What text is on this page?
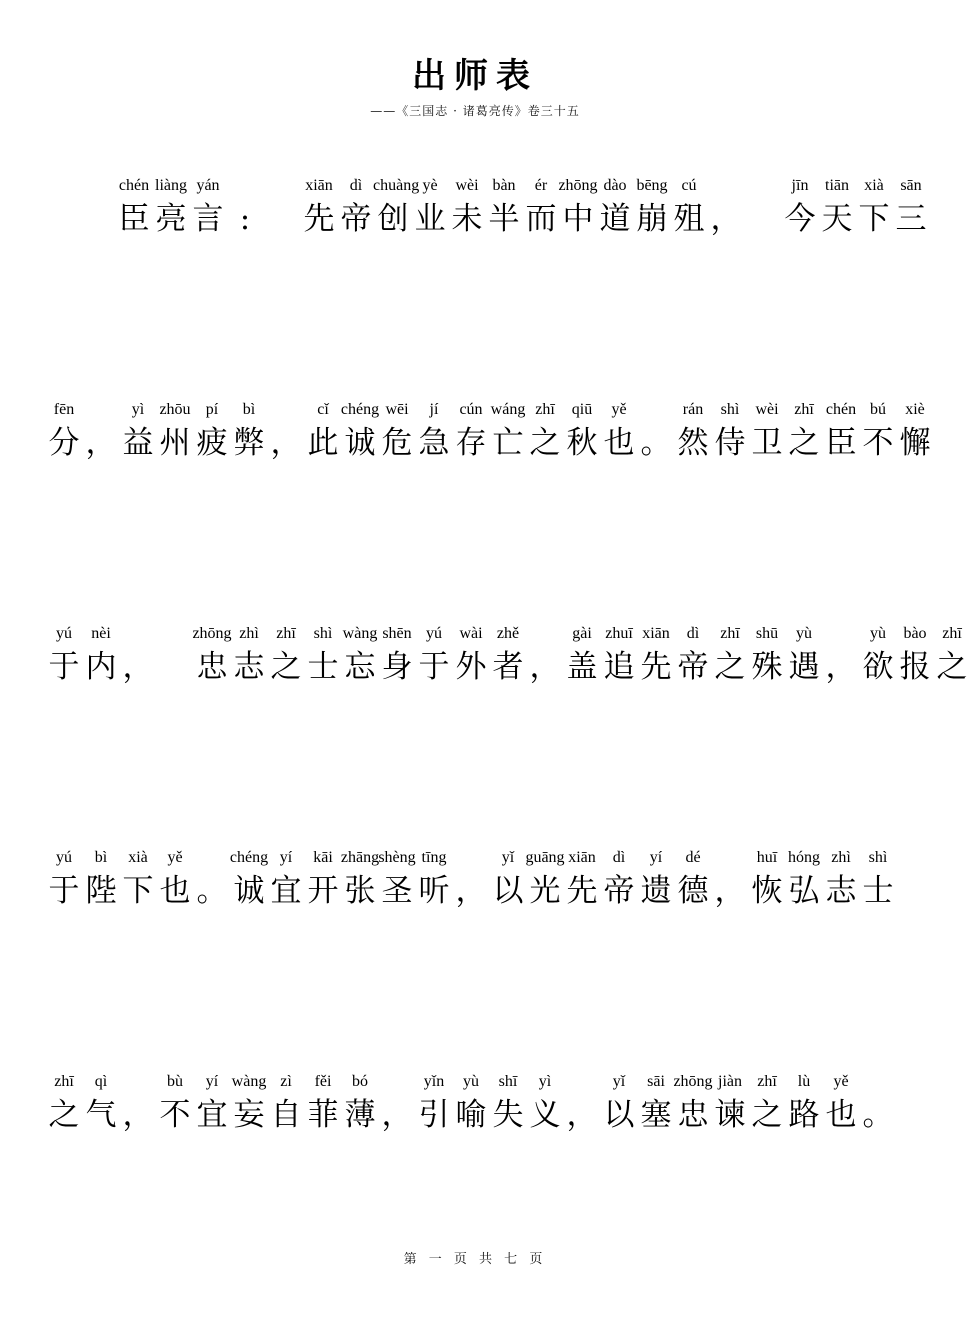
出师表
——《三国志 · 诸葛亮传》卷三十五
chén
臣
liàng
亮
yán
言 :
xiān
先
dì
帝
chuàng
创
yè
业
wèi
未
bàn
半
ér
而
zhōng
中
dào
道
bēng
崩
cú
殂 ，
jīn
今
tiān
天
xià
下
sān
三
fēn
分 ，
yì
益
zhōu
州
pí
疲
bì
弊 ，
cǐ
此
chéng
诚
wēi
危
jí
急
cún
存
wáng
亡
zhī
之
qiū
秋
yě
也 。
rán
然
shì
侍
wèi
卫
zhī
之
chén
臣
bú
不
xiè
懈
yú
于
nèi
内 ，
zhōng
忠
zhì
志
zhī
之
shì
士
wàng
忘
shēn
身
yú
于
wài
外
zhě
者 ，
gài
盖
zhuī
追
xiān
先
dì
帝
zhī
之
shū
殊
yù
遇 ，
yù
欲
bào
报
zhī
之
yú
于
bì
陛
xià
下
yě
也 。
chéng
诚
yí
宜
kāi
开
zhāng
张
shèng
圣
tīng
听 ，
yǐ
以
guāng
光
xiān
先
dì
帝
yí
遗
dé
德 ，
huī
恢
hóng
弘
zhì
志
shì
士
zhī
之
qì
气 ，
bù
不
yí
宜
wàng
妄
zì
自
fěi
菲
bó
薄 ，
yǐn
引
yù
喻
shī
失
yì
义 ，
yǐ
以
sāi
塞
zhōng
忠
jiàn
谏
zhī
之
lù
路
yě
也 。
第 一 页 共 七 页
